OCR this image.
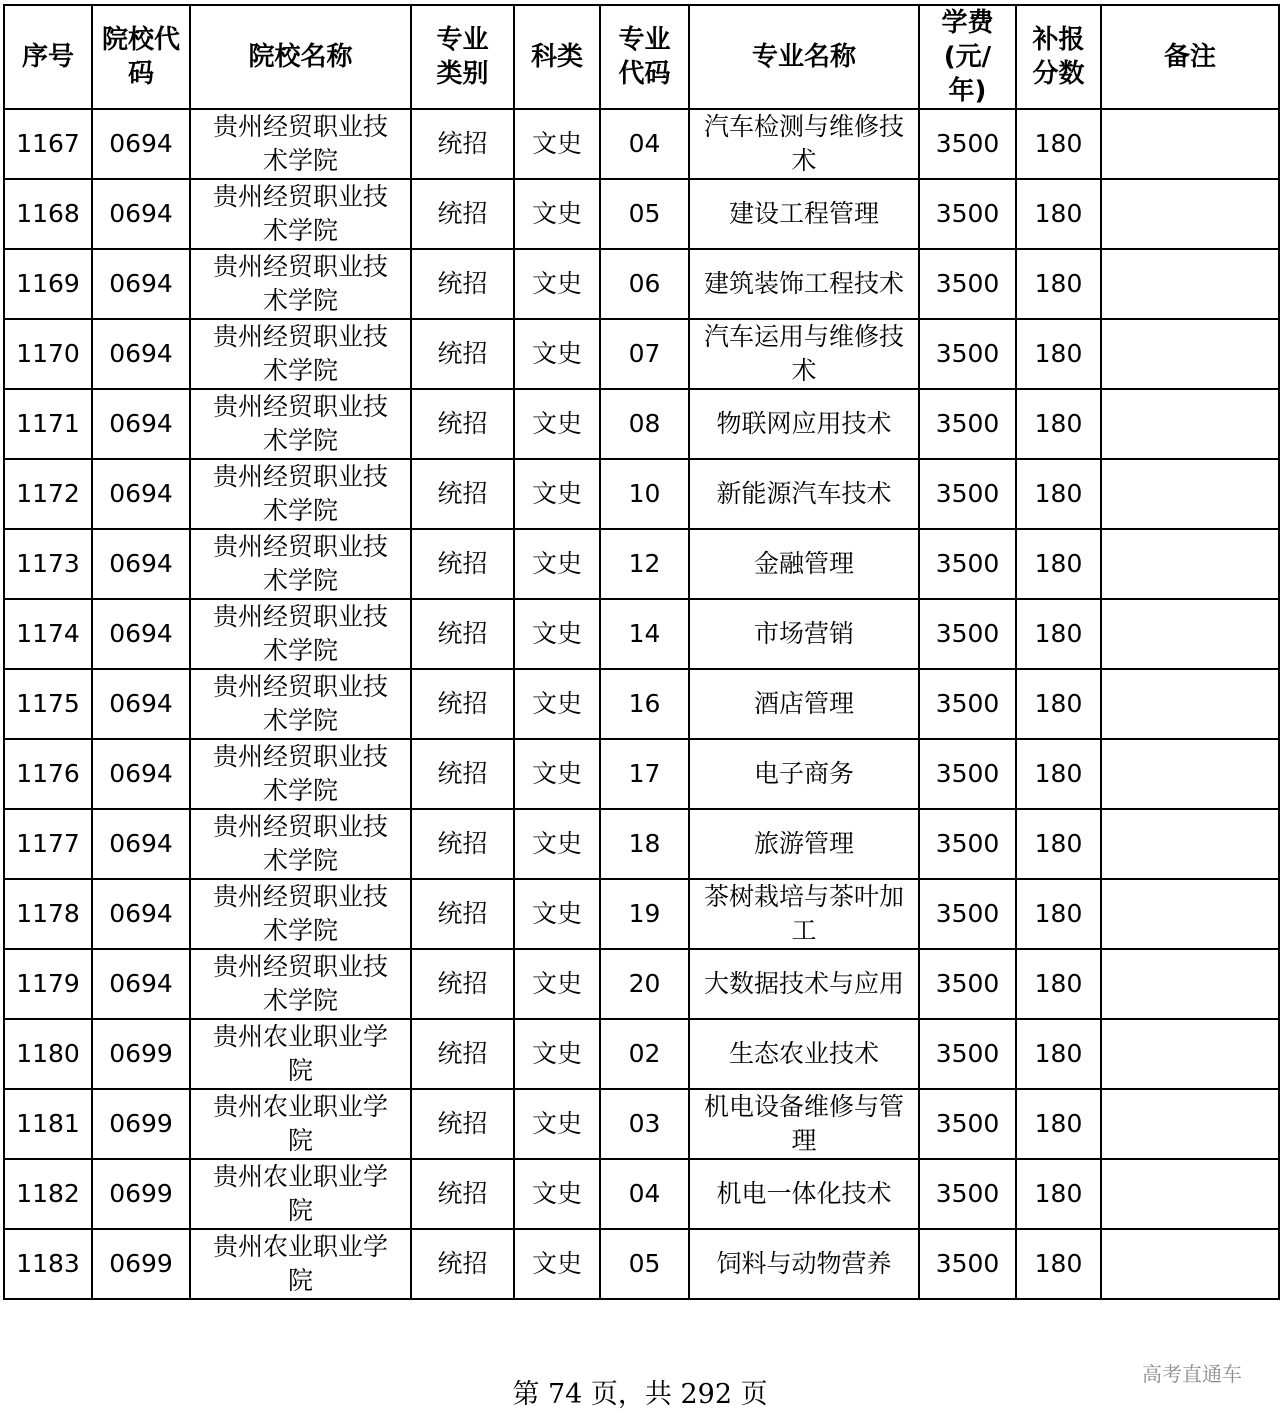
序号	院校代码	院校名称	专业类别	科类	专业代码	专业名称	学费(元/年)	补报分数	备注
1167	0694	贵州经贸职业技术学院	统招	文史	04	汽车检测与维修技术	3500	180	
1168	0694	贵州经贸职业技术学院	统招	文史	05	建设工程管理	3500	180	
1169	0694	贵州经贸职业技术学院	统招	文史	06	建筑装饰工程技术	3500	180	
1170	0694	贵州经贸职业技术学院	统招	文史	07	汽车运用与维修技术	3500	180	
1171	0694	贵州经贸职业技术学院	统招	文史	08	物联网应用技术	3500	180	
1172	0694	贵州经贸职业技术学院	统招	文史	10	新能源汽车技术	3500	180	
1173	0694	贵州经贸职业技术学院	统招	文史	12	金融管理	3500	180	
1174	0694	贵州经贸职业技术学院	统招	文史	14	市场营销	3500	180	
1175	0694	贵州经贸职业技术学院	统招	文史	16	酒店管理	3500	180	
1176	0694	贵州经贸职业技术学院	统招	文史	17	电子商务	3500	180	
1177	0694	贵州经贸职业技术学院	统招	文史	18	旅游管理	3500	180	
1178	0694	贵州经贸职业技术学院	统招	文史	19	茶树栽培与茶叶加工	3500	180	
1179	0694	贵州经贸职业技术学院	统招	文史	20	大数据技术与应用	3500	180	
1180	0699	贵州农业职业学院	统招	文史	02	生态农业技术	3500	180	
1181	0699	贵州农业职业学院	统招	文史	03	机电设备维修与管理	3500	180	
1182	0699	贵州农业职业学院	统招	文史	04	机电一体化技术	3500	180	
1183	0699	贵州农业职业学院	统招	文史	05	饲料与动物营养	3500	180	
第 74 页，共 292 页
高考直通车
